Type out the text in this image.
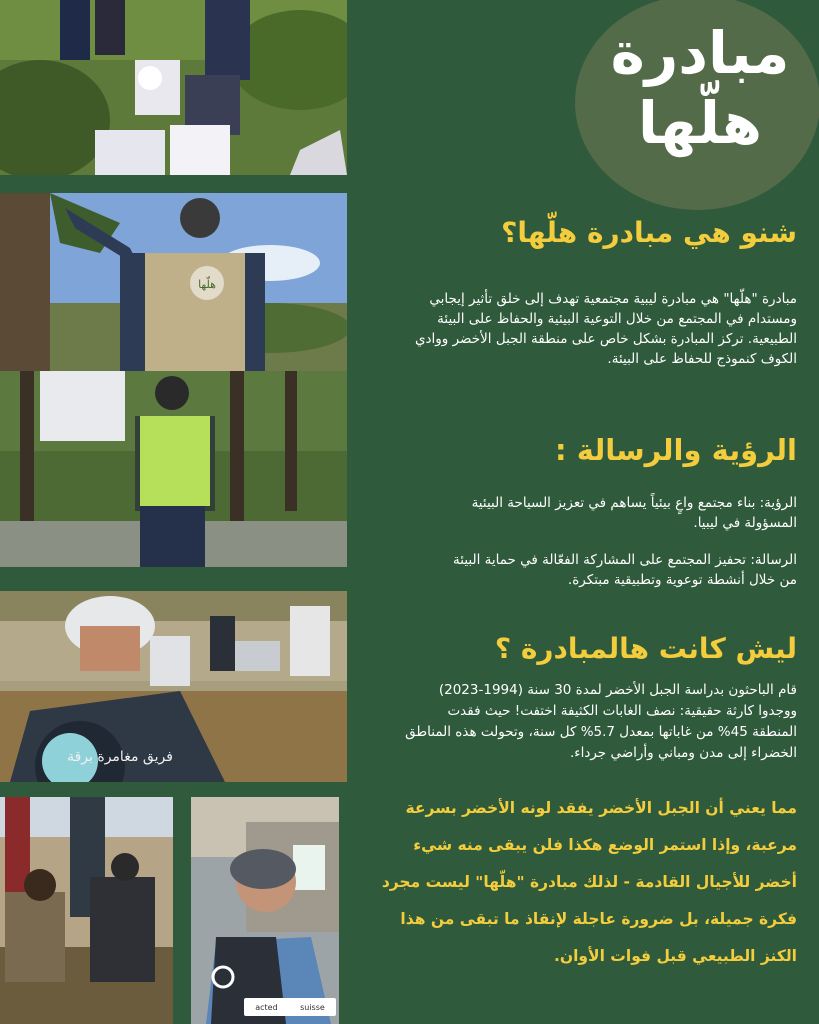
مبادرة
هلّها
هلّها
فريق مغامرة برقة
acted	suisse
شنو هي مبادرة هلّها؟
مبادرة "هلّها" هي مبادرة ليبية مجتمعية تهدف إلى خلق تأثير إيجابي
ومستدام في المجتمع من خلال التوعية البيئية والحفاظ على البيئة
الطبيعية. تركز المبادرة بشكل خاص على منطقة الجبل الأخضر ووادي
الكوف كنموذج للحفاظ على البيئة.
الرؤية والرسالة :
الرؤية: بناء مجتمع واعٍ بيئياً يساهم في تعزيز السياحة البيئية
المسؤولة في ليبيا.
الرسالة: تحفيز المجتمع على المشاركة الفعّالة في حماية البيئة
من خلال أنشطة توعوية وتطبيقية مبتكرة.
ليش كانت هالمبادرة ؟
قام الباحثون بدراسة الجبل الأخضر لمدة 30 سنة (1994-2023)
ووجدوا كارثة حقيقية: نصف الغابات الكثيفة اختفت! حيث فقدت
المنطقة 45% من غاباتها بمعدل 5.7% كل سنة، وتحولت هذه المناطق
الخضراء إلى مدن ومباني وأراضي جرداء.
مما يعني أن الجبل الأخضر يفقد لونه الأخضر بسرعة
مرعبة، وإذا استمر الوضع هكذا فلن يبقى منه شيء
أخضر للأجيال القادمة - لذلك مبادرة "هلّها" ليست مجرد
فكرة جميلة، بل ضرورة عاجلة لإنقاذ ما تبقى من هذا
الكنز الطبيعي قبل فوات الأوان.
